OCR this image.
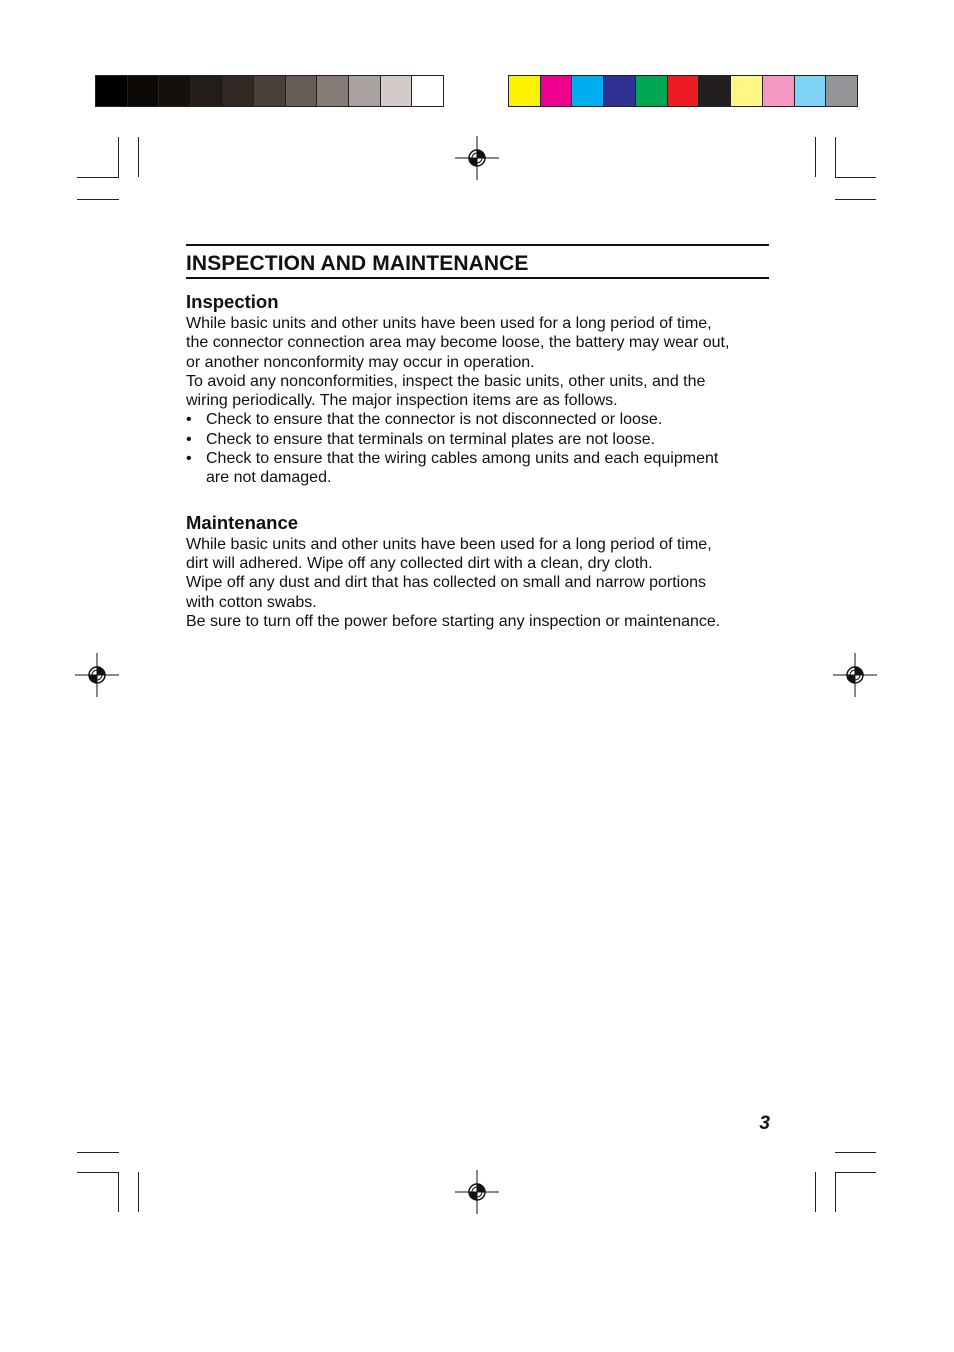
INSPECTION AND MAINTENANCE
Inspection

While basic units and other units have been used for a long period of time,
the connector connection area may become loose, the battery may wear out,
or another nonconformity may occur in operation.

To avoid any nonconformities, inspect the basic units, other units, and the
wiring periodically. The major inspection items are as follows.

• Check to ensure that the connector is not disconnected or loose.
• Check to ensure that terminals on terminal plates are not loose.
• Check to ensure that the wiring cables among units and each equipment
are not damaged.
Maintenance

While basic units and other units have been used for a long period of time,
dirt will adhered. Wipe off any collected dirt with a clean, dry cloth.
Wipe off any dust and dirt that has collected on small and narrow portions
with cotton swabs.
Be sure to turn off the power before starting any inspection or maintenance.

3
